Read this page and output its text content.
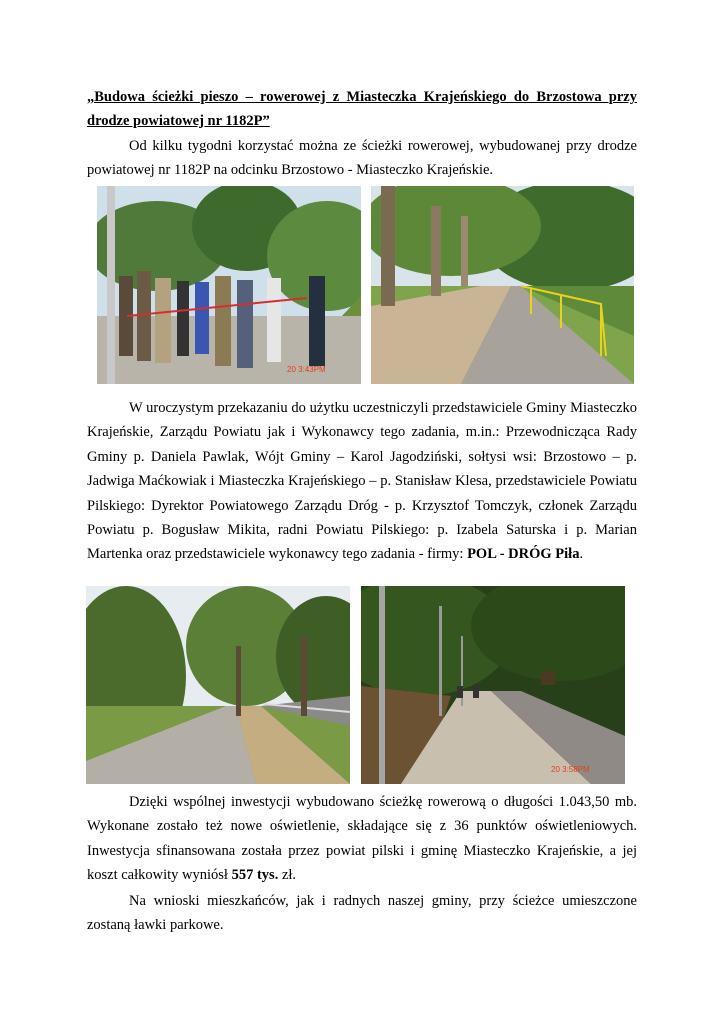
„Budowa ścieżki pieszo – rowerowej z Miasteczka Krajeńskiego do Brzostowa przy drodze powiatowej nr 1182P”

Od kilku tygodni korzystać można ze ścieżki rowerowej, wybudowanej przy drodze powiatowej nr 1182P na odcinku Brzostowo - Miasteczko Krajeńskie.

20 3:43PM

W uroczystym przekazaniu do użytku uczestniczyli przedstawiciele Gminy Miasteczko Krajeńskie, Zarządu Powiatu jak i Wykonawcy tego zadania, m.in.: Przewodnicząca Rady Gminy p. Daniela Pawlak, Wójt Gminy – Karol Jagodziński, sołtysi wsi: Brzostowo – p. Jadwiga Maćkowiak i Miasteczka Krajeńskiego – p. Stanisław Klesa, przedstawiciele Powiatu Pilskiego: Dyrektor Powiatowego Zarządu Dróg - p. Krzysztof Tomczyk, członek Zarządu Powiatu p. Bogusław Mikita, radni Powiatu Pilskiego: p. Izabela Saturska i p. Marian Martenka oraz przedstawiciele wykonawcy tego zadania - firmy: POL - DRÓG Piła.

20 3:58PM

Dzięki wspólnej inwestycji wybudowano ścieżkę rowerową o długości 1.043,50 mb. Wykonane zostało też nowe oświetlenie, składające się z 36 punktów oświetleniowych. Inwestycja sfinansowana została przez powiat pilski i gminę Miasteczko Krajeńskie, a jej koszt całkowity wyniósł 557 tys. zł.

Na wnioski mieszkańców, jak i radnych naszej gminy, przy ścieżce umieszczone zostaną ławki parkowe.
